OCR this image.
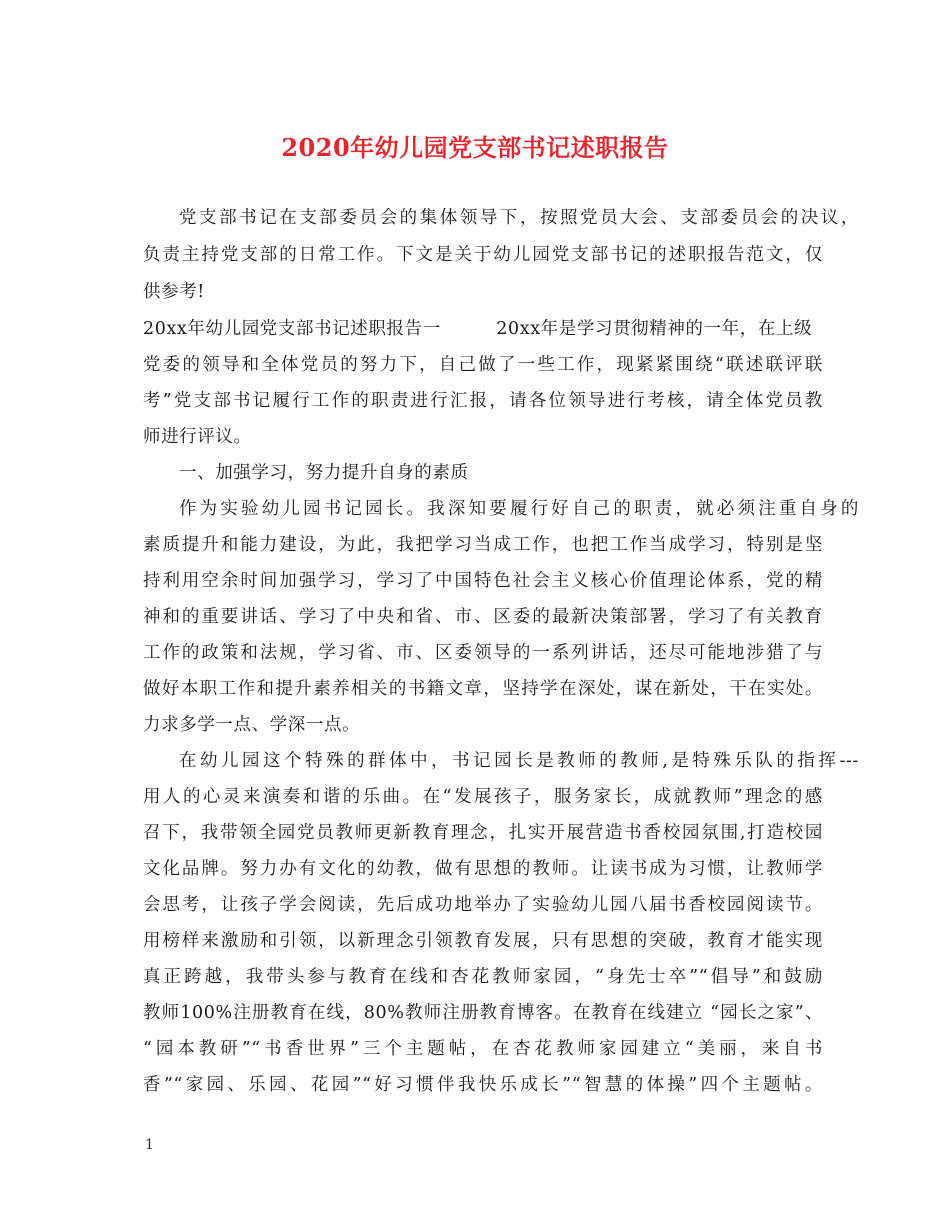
2020年幼儿园党支部书记述职报告
党支部书记在支部委员会的集体领导下，按照党员大会、支部委员会的决议，
负责主持党支部的日常工作。下文是关于幼儿园党支部书记的述职报告范文，仅
供参考!
20xx年幼儿园党支部书记述职报告一         20xx年是学习贯彻精神的一年，在上级
党委的领导和全体党员的努力下，自己做了一些工作，现紧紧围绕“联述联评联
考”党支部书记履行工作的职责进行汇报，请各位领导进行考核，请全体党员教
师进行评议。
一、加强学习，努力提升自身的素质
作为实验幼儿园书记园长。我深知要履行好自己的职责，就必须注重自身的
素质提升和能力建设，为此，我把学习当成工作，也把工作当成学习，特别是坚
持利用空余时间加强学习，学习了中国特色社会主义核心价值理论体系，党的精
神和的重要讲话、学习了中央和省、市、区委的最新决策部署，学习了有关教育
工作的政策和法规，学习省、市、区委领导的一系列讲话，还尽可能地涉猎了与
做好本职工作和提升素养相关的书籍文章，坚持学在深处，谋在新处，干在实处。
力求多学一点、学深一点。
在幼儿园这个特殊的群体中，书记园长是教师的教师,是特殊乐队的指挥---
用人的心灵来演奏和谐的乐曲。在“发展孩子，服务家长，成就教师”理念的感
召下，我带领全园党员教师更新教育理念，扎实开展营造书香校园氛围,打造校园
文化品牌。努力办有文化的幼教，做有思想的教师。让读书成为习惯，让教师学
会思考，让孩子学会阅读，先后成功地举办了实验幼儿园八届书香校园阅读节。
用榜样来激励和引领，以新理念引领教育发展，只有思想的突破，教育才能实现
真正跨越，我带头参与教育在线和杏花教师家园，“身先士卒”“倡导”和鼓励
教师100%注册教育在线，80%教师注册教育博客。在教育在线建立 “园长之家”、
“园本教研”“书香世界”三个主题帖，在杏花教师家园建立“美丽，来自书
香”“家园、乐园、花园”“好习惯伴我快乐成长”“智慧的体操”四个主题帖。
1
